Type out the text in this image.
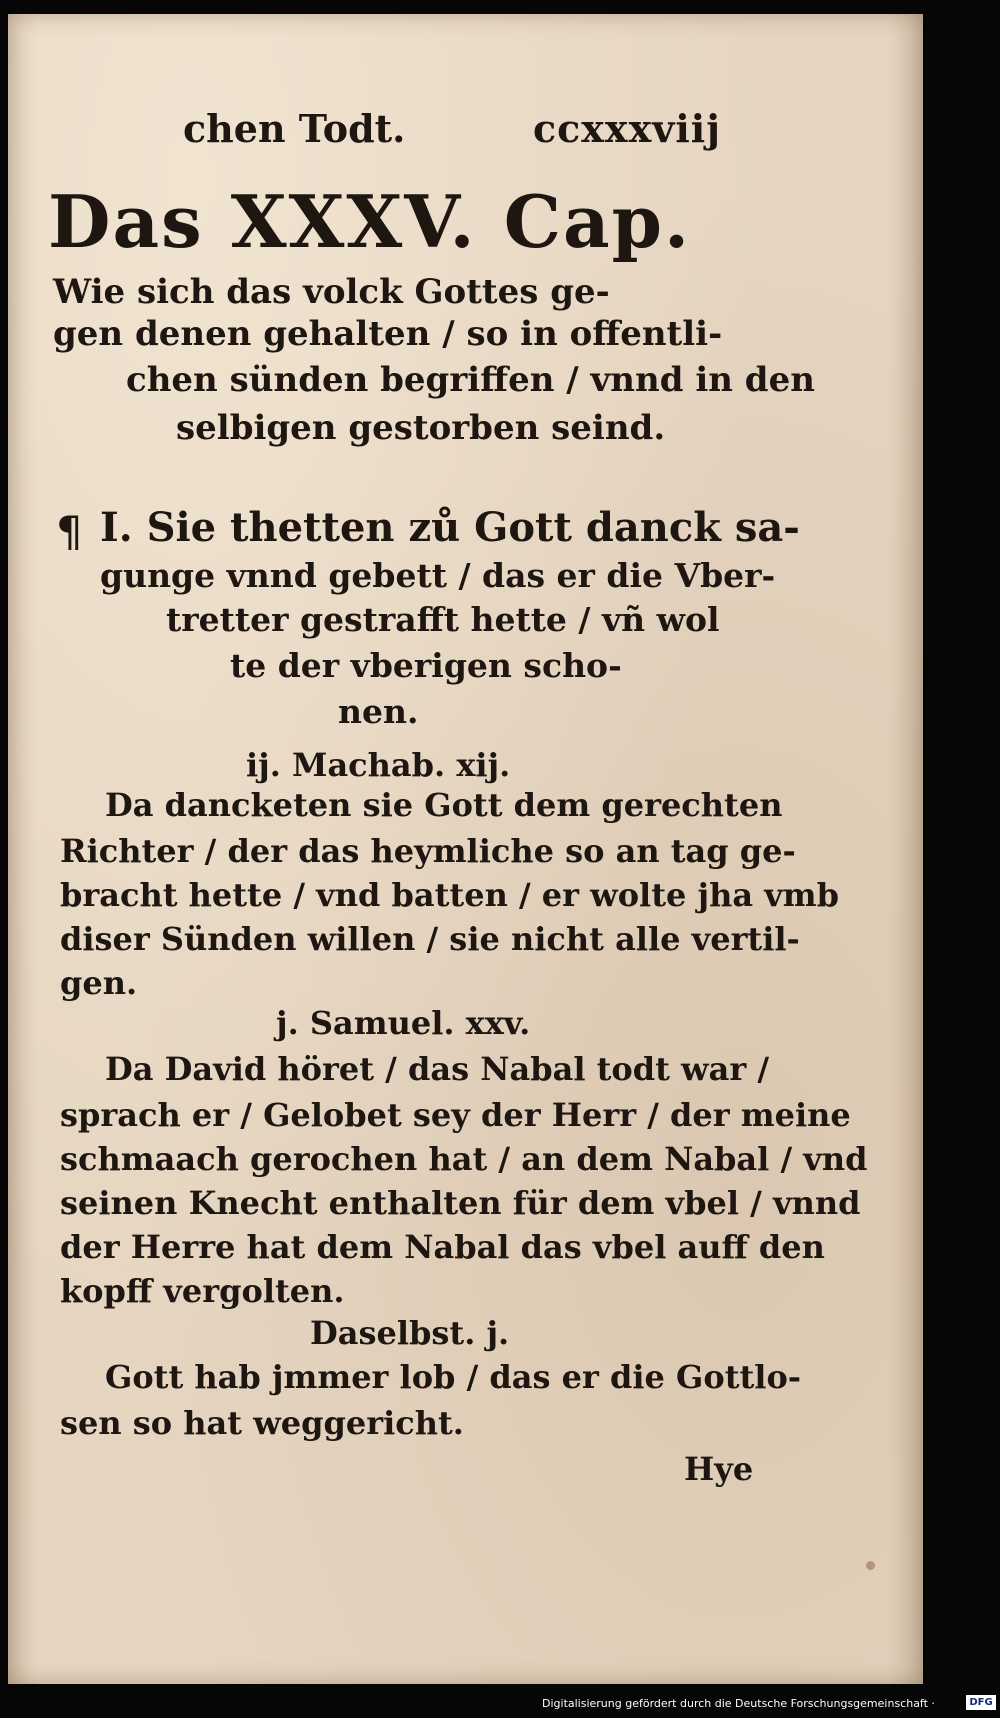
chen Todt.	ccxxxviij
Das XXXV. Cap.
Wie sich das volck Gottes ge-
gen denen gehalten / so in offentli-
chen sünden begriffen / vnnd in den
selbigen gestorben seind.
¶ I. Sie thetten zů Gott danck sa-
gunge vnnd gebett / das er die Vber-
tretter gestrafft hette / vñ wol
te der vberigen scho-
nen.
ij. Machab. xij.
Da dancketen sie Gott dem gerechten
Richter / der das heymliche so an tag ge-
bracht hette / vnd batten / er wolte jha vmb
diser Sünden willen / sie nicht alle vertil-
gen.
j. Samuel. xxv.
Da David höret / das Nabal todt war /
sprach er / Gelobet sey der Herr / der meine
schmaach gerochen hat / an dem Nabal / vnd
seinen Knecht enthalten für dem vbel / vnnd
der Herre hat dem Nabal das vbel auff den
kopff vergolten.
Daselbst. j.
Gott hab jmmer lob / das er die Gottlo-
sen so hat weggericht.
Hye
Digitalisierung gefördert durch die Deutsche Forschungsgemeinschaft ·	DFG
